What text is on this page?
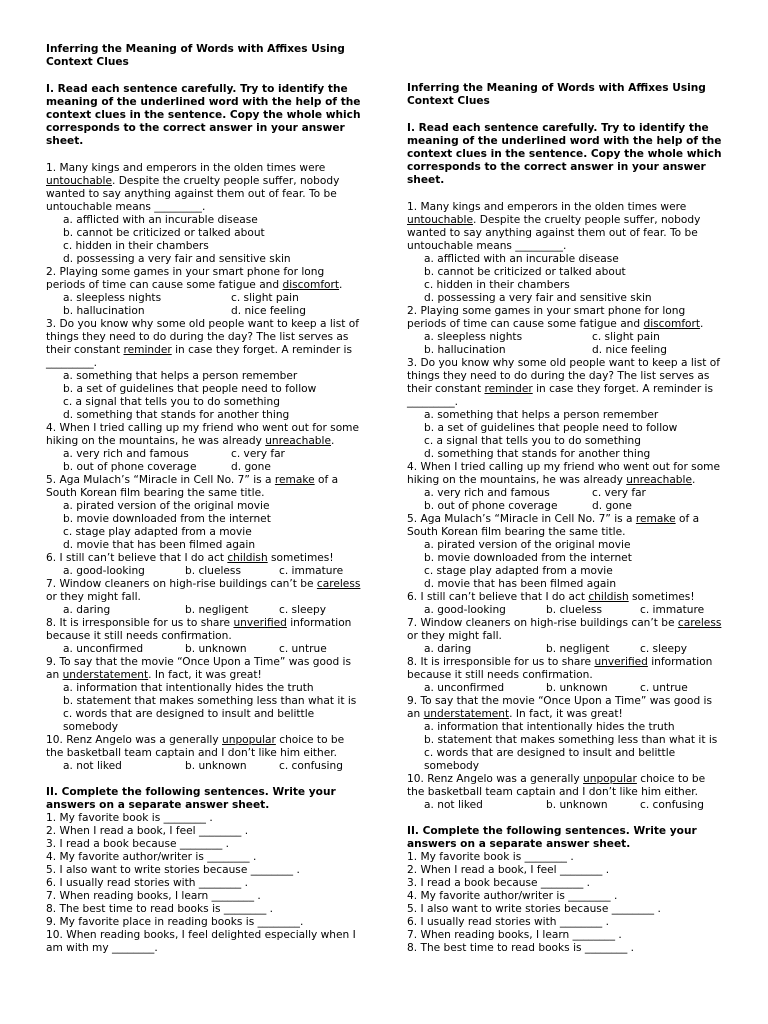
Inferring the Meaning of Words with Affixes Using Context Clues
I. Read each sentence carefully. Try to identify the meaning of the underlined word with the help of the context clues in the sentence. Copy the whole which corresponds to the correct answer in your answer sheet.
1. Many kings and emperors in the olden times were untouchable. Despite the cruelty people suffer, nobody wanted to say anything against them out of fear. To be untouchable means _________.
a. afflicted with an incurable disease
b. cannot be criticized or talked about
c. hidden in their chambers
d. possessing a very fair and sensitive skin
2. Playing some games in your smart phone for long periods of time can cause some fatigue and discomfort.
a. sleepless nights	c. slight pain
b. hallucination	d. nice feeling
3. Do you know why some old people want to keep a list of things they need to do during the day? The list serves as their constant reminder in case they forget. A reminder is _________.
a. something that helps a person remember
b. a set of guidelines that people need to follow
c. a signal that tells you to do something
d. something that stands for another thing
4. When I tried calling up my friend who went out for some hiking on the mountains, he was already unreachable.
a. very rich and famous	c. very far
b. out of phone coverage	d. gone
5. Aga Mulach’s “Miracle in Cell No. 7” is a remake of a South Korean film bearing the same title.
a. pirated version of the original movie
b. movie downloaded from the internet
c. stage play adapted from a movie
d. movie that has been filmed again
6. I still can’t believe that I do act childish sometimes!
a. good-looking	b. clueless	c. immature
7. Window cleaners on high-rise buildings can’t be careless or they might fall.
a. daring	b. negligent	c. sleepy
8. It is irresponsible for us to share unverified information because it still needs confirmation.
a. unconfirmed	b. unknown	c. untrue
9. To say that the movie “Once Upon a Time” was good is an understatement. In fact, it was great!
a. information that intentionally hides the truth
b. statement that makes something less than what it is
c. words that are designed to insult and belittle somebody
10. Renz Angelo was a generally unpopular choice to be the basketball team captain and I don’t like him either.
a. not liked	b. unknown	c. confusing
II. Complete the following sentences. Write your answers on a separate answer sheet.
1. My favorite book is ________ .
2. When I read a book, I feel ________ .
3. I read a book because ________ .
4. My favorite author/writer is ________ .
5. I also want to write stories because ________ .
6. I usually read stories with ________ .
7. When reading books, I learn ________ .
8. The best time to read books is ________ .
9. My favorite place in reading books is ________.
10. When reading books, I feel delighted especially when I am with my ________.
Inferring the Meaning of Words with Affixes Using Context Clues
I. Read each sentence carefully. Try to identify the meaning of the underlined word with the help of the context clues in the sentence. Copy the whole which corresponds to the correct answer in your answer sheet.
1. Many kings and emperors in the olden times were untouchable. Despite the cruelty people suffer, nobody wanted to say anything against them out of fear. To be untouchable means _________.
a. afflicted with an incurable disease
b. cannot be criticized or talked about
c. hidden in their chambers
d. possessing a very fair and sensitive skin
2. Playing some games in your smart phone for long periods of time can cause some fatigue and discomfort.
a. sleepless nights	c. slight pain
b. hallucination	d. nice feeling
3. Do you know why some old people want to keep a list of things they need to do during the day? The list serves as their constant reminder in case they forget. A reminder is _________.
a. something that helps a person remember
b. a set of guidelines that people need to follow
c. a signal that tells you to do something
d. something that stands for another thing
4. When I tried calling up my friend who went out for some hiking on the mountains, he was already unreachable.
a. very rich and famous	c. very far
b. out of phone coverage	d. gone
5. Aga Mulach’s “Miracle in Cell No. 7” is a remake of a South Korean film bearing the same title.
a. pirated version of the original movie
b. movie downloaded from the internet
c. stage play adapted from a movie
d. movie that has been filmed again
6. I still can’t believe that I do act childish sometimes!
a. good-looking	b. clueless	c. immature
7. Window cleaners on high-rise buildings can’t be careless or they might fall.
a. daring	b. negligent	c. sleepy
8. It is irresponsible for us to share unverified information because it still needs confirmation.
a. unconfirmed	b. unknown	c. untrue
9. To say that the movie “Once Upon a Time” was good is an understatement. In fact, it was great!
a. information that intentionally hides the truth
b. statement that makes something less than what it is
c. words that are designed to insult and belittle somebody
10. Renz Angelo was a generally unpopular choice to be the basketball team captain and I don’t like him either.
a. not liked	b. unknown	c. confusing
II. Complete the following sentences. Write your answers on a separate answer sheet.
1. My favorite book is ________ .
2. When I read a book, I feel ________ .
3. I read a book because ________ .
4. My favorite author/writer is ________ .
5. I also want to write stories because ________ .
6. I usually read stories with ________ .
7. When reading books, I learn ________ .
8. The best time to read books is ________ .
